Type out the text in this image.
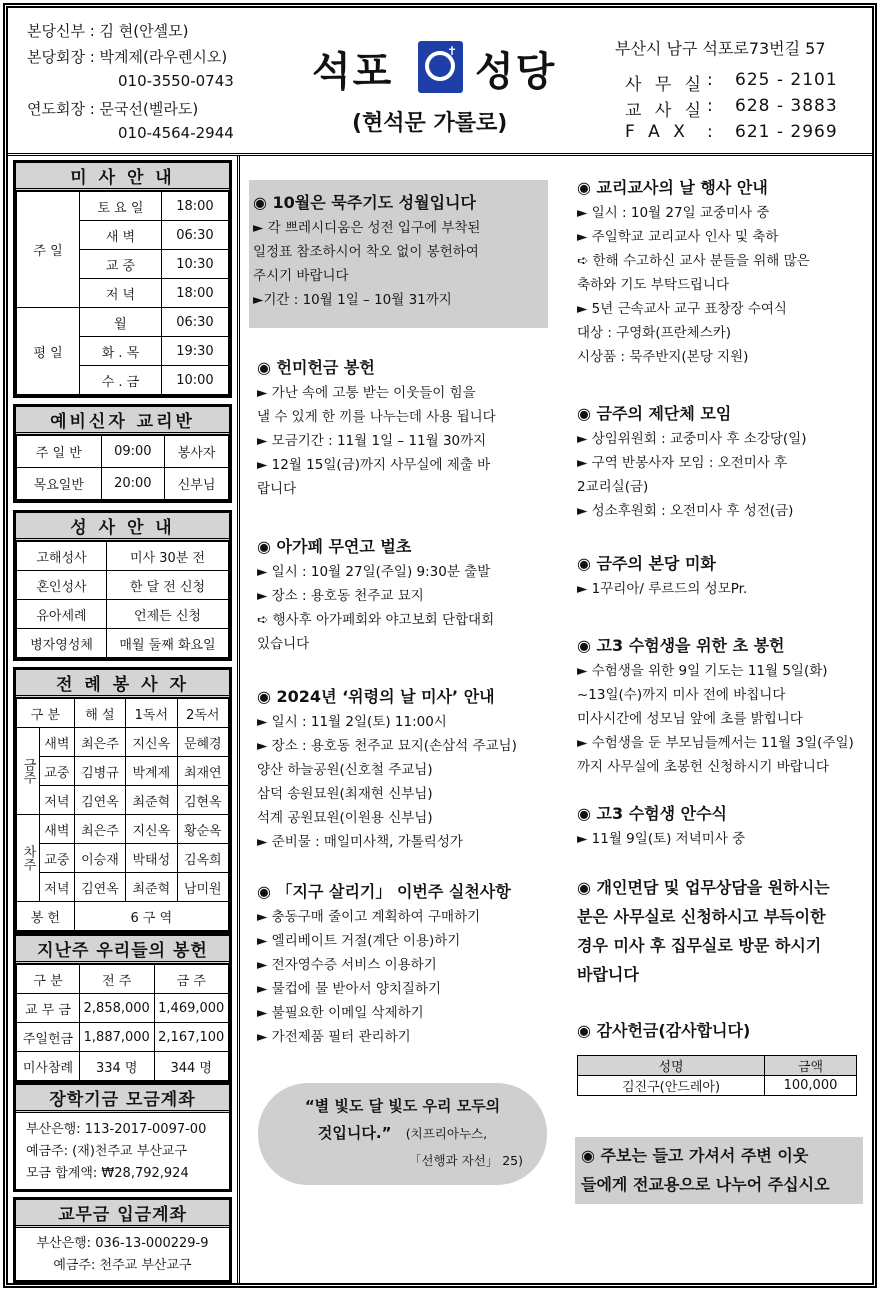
본당신부 : 김 현(안셀모)
본당회장 : 박계제(라우렌시오)
010-3550-0743
연도회장 : 문국선(벨라도)
010-4564-2944
석포	✝ 성당
(현석문 가롤로)
부산시 남구 석포로73번길 57
사 무 실 : 625 - 2101
교 사 실 : 628 - 3883
F A X : 621 - 2969
미 사 안 내
주 일	토 요 일	18:00
	새 벽	06:30
	교 중	10:30
	저 녁	18:00
평 일	월	06:30
	화 . 목	19:30
	수 . 금	10:00
예비신자 교리반
주 일 반	09:00	봉사자
목요일반	20:00	신부님
성 사 안 내
고해성사	미사 30분 전
혼인성사	한 달 전 신청
유아세례	언제든 신청
병자영성체	매월 둘째 화요일
전 례 봉 사 자
구 분		해 설	1독서	2독서
금주	새벽	최은주	지신옥	문혜경
	교중	김병규	박계제	최재연
	저녁	김연옥	최준혁	김현옥
차주	새벽	최은주	지신옥	황순옥
	교중	이승재	박태성	김옥희
	저녁	김연옥	최준혁	남미원
봉 헌		6 구 역		
지난주 우리들의 봉헌
구 분	전 주	금 주
교 무 금	2,858,000	1,469,000
주일헌금	1,887,000	2,167,100
미사참례	334 명	344 명
장학기금 모금계좌
부산은행: 113-2017-0097-00
예금주: (재)천주교 부산교구
모금 합계액: ₩28,792,924
교무금 입금계좌
부산은행: 036-13-000229-9
예금주: 천주교 부산교구
◉ 10월은 묵주기도 성월입니다
► 각 쁘레시디움은 성전 입구에 부착된
일정표 참조하시어 착오 없이 봉헌하여
주시기 바랍니다
►기간 : 10월 1일 – 10월 31까지
◉ 헌미헌금 봉헌
► 가난 속에 고통 받는 이웃들이 힘을
낼 수 있게 한 끼를 나누는데 사용 됩니다
► 모금기간 : 11월 1일 – 11월 30까지
► 12월 15일(금)까지 사무실에 제출 바
랍니다
◉ 아가페 무연고 벌초
► 일시 : 10월 27일(주일) 9:30분 출발
► 장소 : 용호동 천주교 묘지
➪ 행사후 아가페회와 야고보회 단합대회
있습니다
◉ 2024년 ‘위령의 날 미사’ 안내
► 일시 : 11월 2일(토) 11:00시
► 장소 : 용호동 천주교 묘지(손삼석 주교님)
양산 하늘공원(신호철 주교님)
삼덕 송원묘원(최재현 신부님)
석계 공원묘원(이원용 신부님)
► 준비물 : 매일미사책, 가톨릭성가
◉ 「지구 살리기」 이번주 실천사항
► 충동구매 줄이고 계획하여 구매하기
► 엘리베이트 거절(계단 이용)하기
► 전자영수증 서비스 이용하기
► 물컵에 물 받아서 양치질하기
► 불필요한 이메일 삭제하기
► 가전제품 필터 관리하기
“별 빛도 달 빛도 우리 모두의
것입니다.” (치프리아누스,
「선행과 자선」 25)
◉ 교리교사의 날 행사 안내
► 일시 : 10월 27일 교중미사 중
► 주일학교 교리교사 인사 및 축하
➪ 한해 수고하신 교사 분들을 위해 많은
축하와 기도 부탁드립니다
► 5년 근속교사 교구 표창장 수여식
대상 : 구영화(프란체스카)
시상품 : 묵주반지(본당 지원)
◉ 금주의 제단체 모임
► 상임위원회 : 교중미사 후 소강당(일)
► 구역 반봉사자 모임 : 오전미사 후
2교리실(금)
► 성소후원회 : 오전미사 후 성전(금)
◉ 금주의 본당 미화
► 1꾸리아/ 루르드의 성모Pr.
◉ 고3 수험생을 위한 초 봉헌
► 수험생을 위한 9일 기도는 11월 5일(화)
~13일(수)까지 미사 전에 바칩니다
미사시간에 성모님 앞에 초를 밝힙니다
► 수험생을 둔 부모님들께서는 11월 3일(주일)
까지 사무실에 초봉헌 신청하시기 바랍니다
◉ 고3 수험생 안수식
► 11월 9일(토) 저녁미사 중
◉ 개인면담 및 업무상담을 원하시는
분은 사무실로 신청하시고 부득이한
경우 미사 후 집무실로 방문 하시기
바랍니다
◉ 감사헌금(감사합니다)
성명	금액
김진구(안드레아)	100,000
◉ 주보는 들고 가셔서 주변 이웃
들에게 전교용으로 나누어 주십시오
